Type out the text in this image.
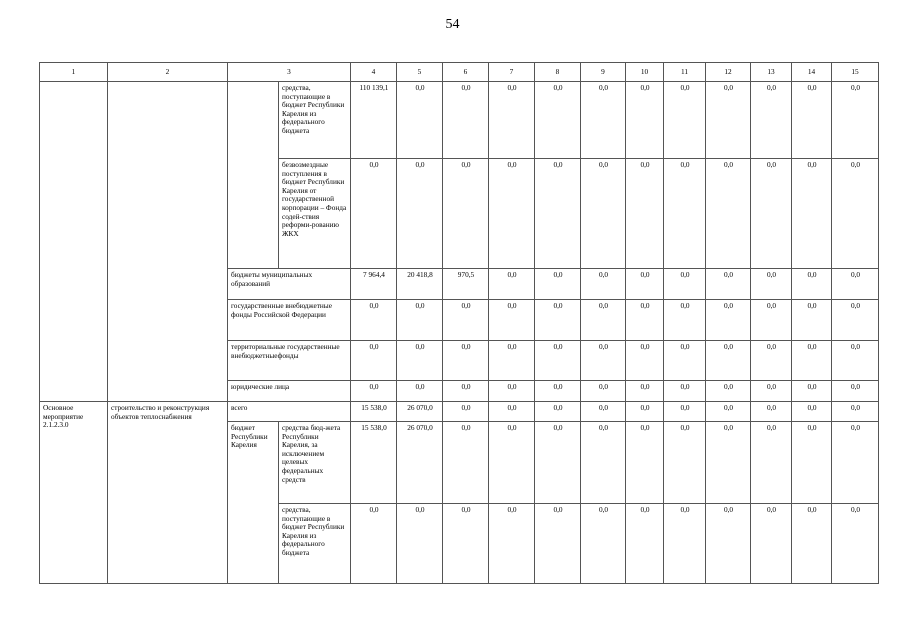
54
1	2	3		4	5	6	7	8	9	10	11	12	13	14	15
			средства, поступающие в бюджет Республики Карелия из федерального бюджета	110 139,1	0,0	0,0	0,0	0,0	0,0	0,0	0,0	0,0	0,0	0,0	0,0
			безвозмездные поступления в бюджет Республики Карелия от государственной корпорации – Фонда содей-ствия реформи-рованию ЖКХ	0,0	0,0	0,0	0,0	0,0	0,0	0,0	0,0	0,0	0,0	0,0	0,0
		бюджеты муниципальных образований		7 964,4	20 418,8	970,5	0,0	0,0	0,0	0,0	0,0	0,0	0,0	0,0	0,0
		государственные внебюджетные фонды Российской Федерации		0,0	0,0	0,0	0,0	0,0	0,0	0,0	0,0	0,0	0,0	0,0	0,0
		территориальные государственные внебюджетныефонды		0,0	0,0	0,0	0,0	0,0	0,0	0,0	0,0	0,0	0,0	0,0	0,0
		юридические лица		0,0	0,0	0,0	0,0	0,0	0,0	0,0	0,0	0,0	0,0	0,0	0,0
Основное мероприятие 2.1.2.3.0	строительство и реконструкция объектов теплоснабжения	всего		15 538,0	26 070,0	0,0	0,0	0,0	0,0	0,0	0,0	0,0	0,0	0,0	0,0
		бюджет Республики Карелия	средства бюд-жета Республики Карелия, за исключением целевых федеральных средств	15 538,0	26 070,0	0,0	0,0	0,0	0,0	0,0	0,0	0,0	0,0	0,0	0,0
			средства, поступающие в бюджет Республики Карелия из федерального бюджета	0,0	0,0	0,0	0,0	0,0	0,0	0,0	0,0	0,0	0,0	0,0	0,0
